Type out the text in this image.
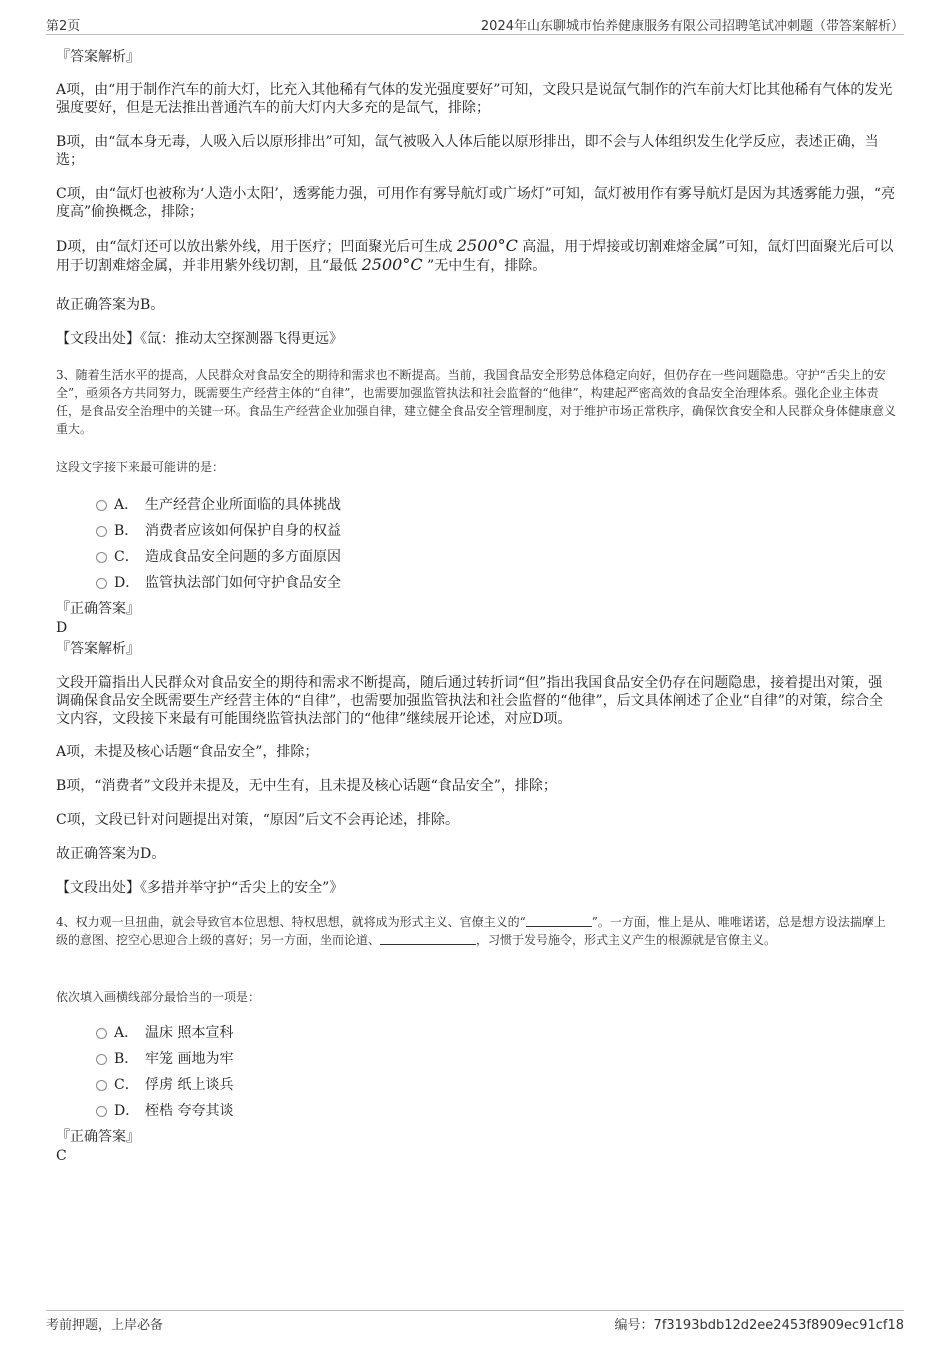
第2页	2024年山东聊城市怡养健康服务有限公司招聘笔试冲刺题（带答案解析）
『答案解析』
A项，由“用于制作汽车的前大灯，比充入其他稀有气体的发光强度要好”可知，文段只是说氙气制作的汽车前大灯比其他稀有气体的发光强度要好，但是无法推出普通汽车的前大灯内大多充的是氙气，排除；
B项，由“氙本身无毒，人吸入后以原形排出”可知，氙气被吸入人体后能以原形排出，即不会与人体组织发生化学反应，表述正确，当选；
C项，由“氙灯也被称为‘人造小太阳’，透雾能力强，可用作有雾导航灯或广场灯”可知，氙灯被用作有雾导航灯是因为其透雾能力强，“亮度高”偷换概念，排除；
D项，由“氙灯还可以放出紫外线，用于医疗；凹面聚光后可生成 2500°C 高温，用于焊接或切割难熔金属”可知，氙灯凹面聚光后可以用于切割难熔金属，并非用紫外线切割，且“最低 2500°C ”无中生有，排除。
故正确答案为B。
【文段出处】《氙：推动太空探测器飞得更远》
3、随着生活水平的提高，人民群众对食品安全的期待和需求也不断提高。当前，我国食品安全形势总体稳定向好，但仍存在一些问题隐患。守护“舌尖上的安全”，亟须各方共同努力，既需要生产经营主体的“自律”，也需要加强监管执法和社会监督的“他律”，构建起严密高效的食品安全治理体系。强化企业主体责任，是食品安全治理中的关键一环。食品生产经营企业加强自律，建立健全食品安全管理制度，对于维护市场正常秩序，确保饮食安全和人民群众身体健康意义重大。
这段文字接下来最可能讲的是：
A． 生产经营企业所面临的具体挑战
B． 消费者应该如何保护自身的权益
C． 造成食品安全问题的多方面原因
D． 监管执法部门如何守护食品安全
『正确答案』
D
『答案解析』
文段开篇指出人民群众对食品安全的期待和需求不断提高，随后通过转折词“但”指出我国食品安全仍存在问题隐患，接着提出对策，强调确保食品安全既需要生产经营主体的“自律”，也需要加强监管执法和社会监督的“他律”，后文具体阐述了企业“自律”的对策，综合全文内容，文段接下来最有可能围绕监管执法部门的“他律”继续展开论述，对应D项。
A项，未提及核心话题“食品安全”，排除；
B项，“消费者”文段并未提及，无中生有，且未提及核心话题“食品安全”，排除；
C项，文段已针对问题提出对策，“原因”后文不会再论述，排除。
故正确答案为D。
【文段出处】《多措并举守护“舌尖上的安全”》
4、权力观一旦扭曲，就会导致官本位思想、特权思想，就将成为形式主义、官僚主义的“	”。一方面，惟上是从、唯唯诺诺，总是想方设法揣摩上级的意图、挖空心思迎合上级的喜好；另一方面，坐而论道、	，习惯于发号施令，形式主义产生的根源就是官僚主义。
依次填入画横线部分最恰当的一项是：
A． 温床 照本宣科
B． 牢笼 画地为牢
C． 俘虏 纸上谈兵
D． 桎梏 夸夸其谈
『正确答案』
C
考前押题，上岸必备	编号：7f3193bdb12d2ee2453f8909ec91cf18
